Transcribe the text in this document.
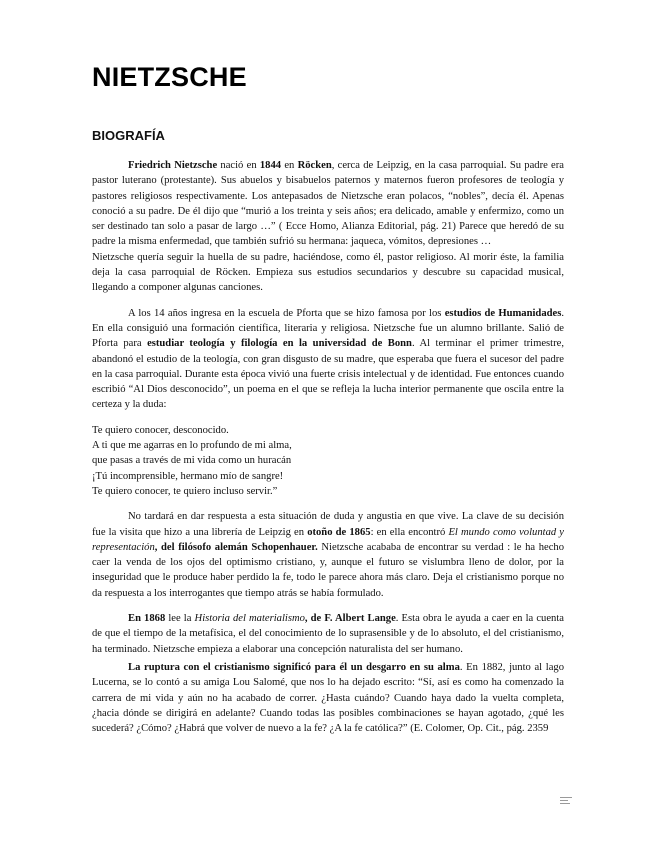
NIETZSCHE
BIOGRAFÍA

Friedrich Nietzsche nació en 1844 en Röcken, cerca de Leipzig, en la casa parroquial. Su padre era pastor luterano (protestante). Sus abuelos y bisabuelos paternos y maternos fueron profesores de teología y pastores religiosos respectivamente. Los antepasados de Nietzsche eran polacos, “nobles”, decía él. Apenas conoció a su padre. De él dijo que “murió a los treinta y seis años; era delicado, amable y enfermizo, como un ser destinado tan solo a pasar de largo …” ( Ecce Homo, Alianza Editorial, pág. 21) Parece que heredó de su padre la misma enfermedad, que también sufrió su hermana: jaqueca, vómitos, depresiones …

Nietzsche quería seguir la huella de su padre, haciéndose, como él, pastor religioso. Al morir éste, la familia deja la casa parroquial de Röcken. Empieza sus estudios secundarios y descubre su capacidad musical, llegando a componer algunas canciones.

A los 14 años ingresa en la escuela de Pforta que se hizo famosa por los estudios de Humanidades. En ella consiguió una formación científica, literaria y religiosa. Nietzsche fue un alumno brillante. Salió de Pforta para estudiar teología y filología en la universidad de Bonn. Al terminar el primer trimestre, abandonó el estudio de la teología, con gran disgusto de su madre, que esperaba que fuera el sucesor del padre en la casa parroquial. Durante esta época vivió una fuerte crisis intelectual y de identidad. Fue entonces cuando escribió “Al Dios desconocido”, un poema en el que se refleja la lucha interior permanente que oscila entre la certeza y la duda:

Te quiero conocer, desconocido.

A ti que me agarras en lo profundo de mi alma,

que pasas a través de mi vida como un huracán

¡Tú incomprensible, hermano mío de sangre!

Te quiero conocer, te quiero incluso servir.”

No tardará en dar respuesta a esta situación de duda y angustia en que vive. La clave de su decisión fue la visita que hizo a una librería de Leipzig en otoño de 1865: en ella encontró El mundo como voluntad y representación, del filósofo alemán Schopenhauer. Nietzsche acababa de encontrar su verdad : le ha hecho caer la venda de los ojos del optimismo cristiano, y, aunque el futuro se vislumbra lleno de dolor, por la inseguridad que le produce haber perdido la fe, todo le parece ahora más claro. Deja el cristianismo porque no da respuesta a los interrogantes que tiempo atrás se había formulado.

En 1868 lee la Historia del materialismo, de F. Albert Lange. Esta obra le ayuda a caer en la cuenta de que el tiempo de la metafísica, el del conocimiento de lo suprasensible y de lo absoluto, el del cristianismo, ha terminado. Nietzsche empieza a elaborar una concepción naturalista del ser humano.

La ruptura con el cristianismo significó para él un desgarro en su alma. En 1882, junto al lago Lucerna, se lo contó a su amiga Lou Salomé, que nos lo ha dejado escrito: “Sí, así es como ha comenzado la carrera de mi vida y aún no ha acabado de correr. ¿Hasta cuándo? Cuando haya dado la vuelta completa, ¿hacia dónde se dirigirá en adelante? Cuando todas las posibles combinaciones se hayan agotado, ¿qué les sucederá? ¿Cómo? ¿Habrá que volver de nuevo a la fe? ¿A la fe católica?” (E. Colomer, Op. Cit., pág. 2359
